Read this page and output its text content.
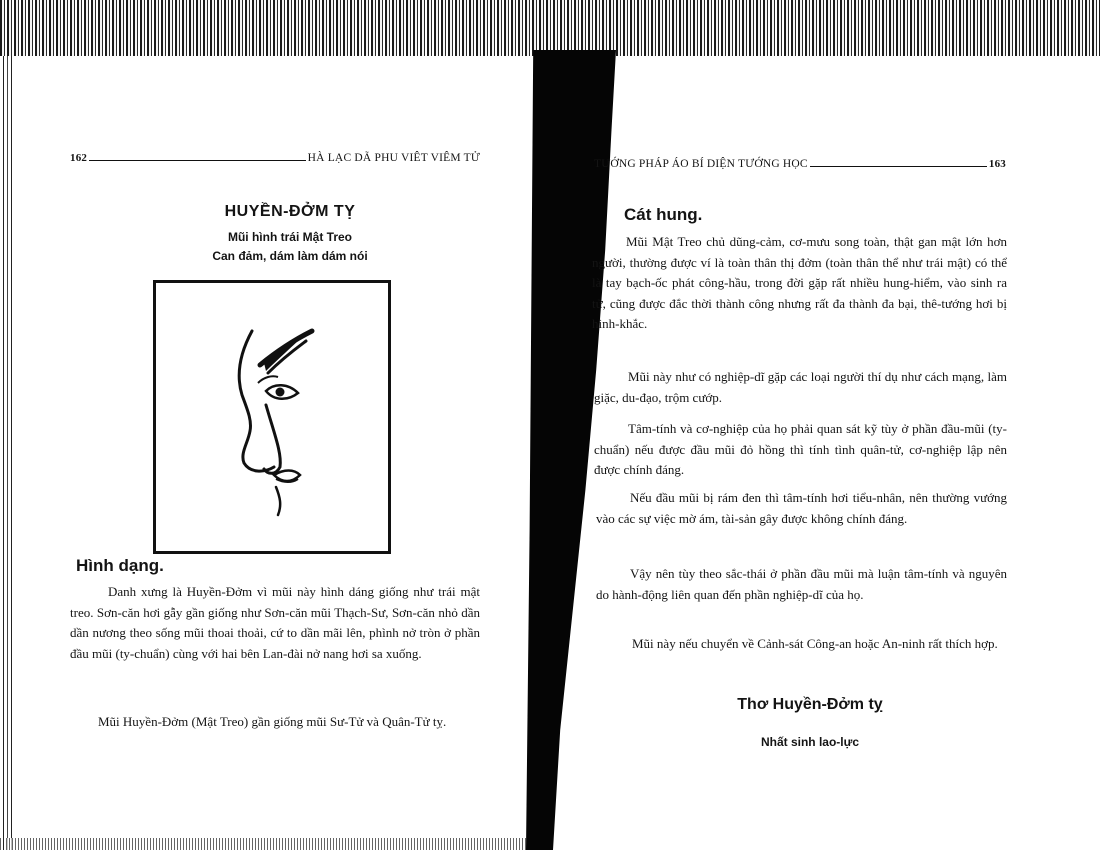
162	HÀ LẠC DÃ PHU VIÊT VIÊM TỬ
HUYỀN-ĐỞM TỴ
Mũi hình trái Mật Treo
Can đảm, dám làm dám nói
Hình dạng.
Danh xưng là Huyền-Đởm vì mũi này hình dáng giống như trái mật treo. Sơn-căn hơi gẫy gần giống như Sơn-căn mũi Thạch-Sư, Sơn-căn nhỏ dần dần nương theo sống mũi thoai thoải, cứ to dần mãi lên, phình nở tròn ở phần đầu mũi (ty-chuẩn) cùng với hai bên Lan-đài nở nang hơi sa xuống.
Mũi Huyền-Đởm (Mật Treo) gần giống mũi Sư-Tử và Quân-Tử tỵ.
TƯỚNG PHÁP ÁO BÍ DIỆN TƯỚNG HỌC	163
Cát hung.
Mũi Mật Treo chủ dũng-cảm, cơ-mưu song toàn, thật gan mật lớn hơn người, thường được ví là toàn thân thị đởm (toàn thân thể như trái mật) có thể là tay bạch-ốc phát công-hầu, trong đời gặp rất nhiều hung-hiểm, vào sinh ra tử, cũng được đắc thời thành công nhưng rất đa thành đa bại, thê-tướng hơi bị hình-khắc.
Mũi này như có nghiệp-dĩ gặp các loại người thí dụ như cách mạng, làm giặc, du-đạo, trộm cướp.
Tâm-tính và cơ-nghiệp của họ phải quan sát kỹ tùy ở phần đầu-mũi (ty-chuẩn) nếu được đầu mũi đỏ hồng thì tính tình quân-tử, cơ-nghiệp lập nên được chính đáng.
Nếu đầu mũi bị rám đen thì tâm-tính hơi tiểu-nhân, nên thường vướng vào các sự việc mờ ám, tài-sản gây được không chính đáng.
Vậy nên tùy theo sắc-thái ở phần đầu mũi mà luận tâm-tính và nguyên do hành-động liên quan đến phần nghiệp-dĩ của họ.
Mũi này nếu chuyển về Cảnh-sát Công-an hoặc An-ninh rất thích hợp.
Thơ Huyền-Đởm tỵ
Nhất sinh lao-lực
